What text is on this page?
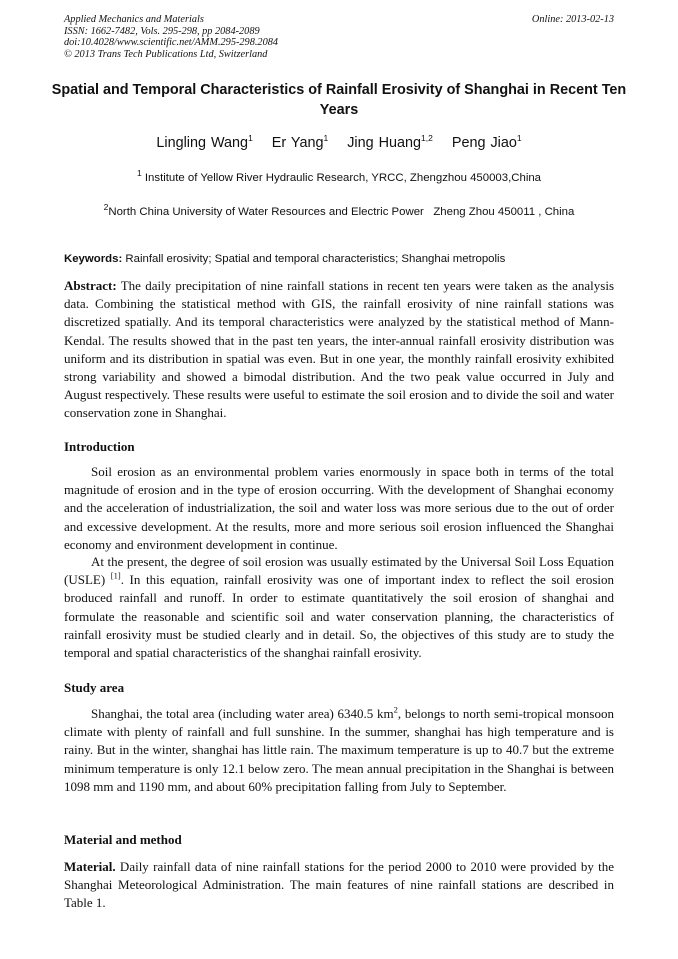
Applied Mechanics and Materials
ISSN: 1662-7482, Vols. 295-298, pp 2084-2089
doi:10.4028/www.scientific.net/AMM.295-298.2084
© 2013 Trans Tech Publications Ltd, Switzerland
Online: 2013-02-13
Spatial and Temporal Characteristics of Rainfall Erosivity of Shanghai in Recent Ten Years
Lingling Wang$^1$ Er Yang$^1$ Jing Huang$^{1,2}$ Peng Jiao$^1$
$^1$ Institute of Yellow River Hydraulic Research, YRCC, Zhengzhou 450003,China
$^2$North China University of Water Resources and Electric Power   Zheng Zhou 450011 , China
Keywords: Rainfall erosivity; Spatial and temporal characteristics; Shanghai metropolis
Abstract: The daily precipitation of nine rainfall stations in recent ten years were taken as the analysis data. Combining the statistical method with GIS, the rainfall erosivity of nine rainfall stations was discretized spatially. And its temporal characteristics were analyzed by the statistical method of Mann-Kendal. The results showed that in the past ten years, the inter-annual rainfall erosivity distribution was uniform and its distribution in spatial was even. But in one year, the monthly rainfall erosivity exhibited strong variability and showed a bimodal distribution. And the two peak value occurred in July and August respectively. These results were useful to estimate the soil erosion and to divide the soil and water conservation zone in Shanghai.
Introduction
Soil erosion as an environmental problem varies enormously in space both in terms of the total magnitude of erosion and in the type of erosion occurring. With the development of Shanghai economy and the acceleration of industrialization, the soil and water loss was more serious due to the out of order and excessive development. At the results, more and more serious soil erosion influenced the Shanghai economy and environment development in continue.
At the present, the degree of soil erosion was usually estimated by the Universal Soil Loss Equation (USLE) [1]. In this equation, rainfall erosivity was one of important index to reflect the soil erosion broduced rainfall and runoff. In order to estimate quantitatively the soil erosion of shanghai and formulate the reasonable and scientific soil and water conservation planning, the characteristics of rainfall erosivity must be studied clearly and in detail. So, the objectives of this study are to study the temporal and spatial characteristics of the shanghai rainfall erosivity.
Study area
Shanghai, the total area (including water area) 6340.5 $km^2$, belongs to north semi-tropical monsoon climate with plenty of rainfall and full sunshine. In the summer, shanghai has high temperature and is rainy. But in the winter, shanghai has little rain. The maximum temperature is up to 40.7 but the extreme minimum temperature is only 12.1 below zero. The mean annual precipitation in the Shanghai is between 1098 mm and 1190 mm, and about 60% precipitation falling from July to September.
Material and method
Material. Daily rainfall data of nine rainfall stations for the period 2000 to 2010 were provided by the Shanghai Meteorological Administration. The main features of nine rainfall stations are described in Table 1.
